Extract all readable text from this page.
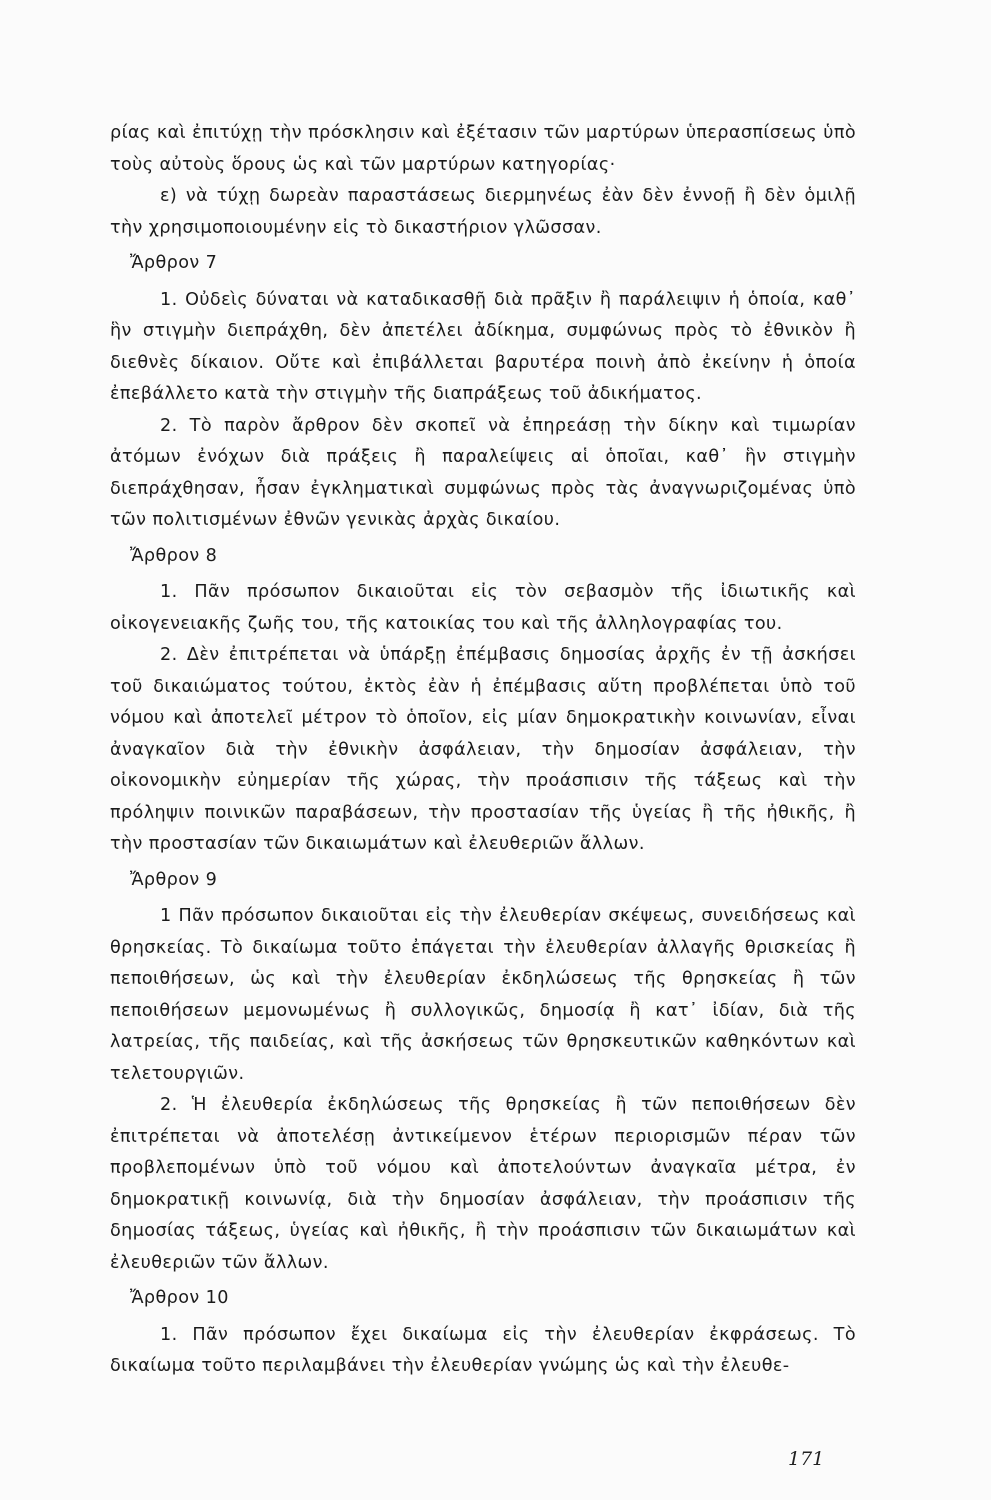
ρίας καὶ ἐπιτύχῃ τὴν πρόσκλησιν καὶ ἐξέτασιν τῶν μαρτύρων ὑπερασπίσεως ὑπὸ τοὺς αὐτοὺς ὅρους ὡς καὶ τῶν μαρτύρων κατηγορίας·

ε) νὰ τύχῃ δωρεὰν παραστάσεως διερμηνέως ἐὰν δὲν ἐννοῇ ἢ δὲν ὁμιλῇ τὴν χρησιμοποιουμένην εἰς τὸ δικαστήριον γλῶσσαν.

Ἄρθρον 7

1. Οὐδεὶς δύναται νὰ καταδικασθῇ διὰ πρᾶξιν ἢ παράλειψιν ἡ ὁποία, καθ᾽ ἣν στιγμὴν διεπράχθη, δὲν ἀπετέλει ἀδίκημα, συμφώνως πρὸς τὸ ἐθνικὸν ἢ διεθνὲς δίκαιον. Οὔτε καὶ ἐπιβάλλεται βαρυτέρα ποινὴ ἀπὸ ἐκείνην ἡ ὁποία ἐπεβάλλετο κατὰ τὴν στιγμὴν τῆς διαπράξεως τοῦ ἀδικήματος.

2. Τὸ παρὸν ἄρθρον δὲν σκοπεῖ νὰ ἐπηρεάσῃ τὴν δίκην καὶ τιμωρίαν ἀτόμων ἐνόχων διὰ πράξεις ἢ παραλείψεις αἱ ὁποῖαι, καθ᾽ ἣν στιγμὴν διεπράχθησαν, ἦσαν ἐγκληματικαὶ συμφώνως πρὸς τὰς ἀναγνωριζομένας ὑπὸ τῶν πολιτισμένων ἐθνῶν γενικὰς ἀρχὰς δικαίου.

Ἄρθρον 8

1. Πᾶν πρόσωπον δικαιοῦται εἰς τὸν σεβασμὸν τῆς ἰδιωτικῆς καὶ οἰκογενειακῆς ζωῆς του, τῆς κατοικίας του καὶ τῆς ἀλληλογραφίας του.

2. Δὲν ἐπιτρέπεται νὰ ὑπάρξῃ ἐπέμβασις δημοσίας ἀρχῆς ἐν τῇ ἀσκήσει τοῦ δικαιώματος τούτου, ἐκτὸς ἐὰν ἡ ἐπέμβασις αὕτη προβλέπεται ὑπὸ τοῦ νόμου καὶ ἀποτελεῖ μέτρον τὸ ὁποῖον, εἰς μίαν δημοκρατικὴν κοινωνίαν, εἶναι ἀναγκαῖον διὰ τὴν ἐθνικὴν ἀσφάλειαν, τὴν δημοσίαν ἀσφάλειαν, τὴν οἰκονομικὴν εὐημερίαν τῆς χώρας, τὴν προάσπισιν τῆς τάξεως καὶ τὴν πρόληψιν ποινικῶν παραβάσεων, τὴν προστασίαν τῆς ὑγείας ἢ τῆς ἠθικῆς, ἢ τὴν προστασίαν τῶν δικαιωμάτων καὶ ἐλευθεριῶν ἄλλων.

Ἄρθρον 9

1 Πᾶν πρόσωπον δικαιοῦται εἰς τὴν ἐλευθερίαν σκέψεως, συνειδήσεως καὶ θρησκείας. Τὸ δικαίωμα τοῦτο ἐπάγεται τὴν ἐλευθερίαν ἀλλαγῆς θρισκείας ἢ πεποιθήσεων, ὡς καὶ τὴν ἐλευθερίαν ἐκδηλώσεως τῆς θρησκείας ἢ τῶν πεποιθήσεων μεμονωμένως ἢ συλλογικῶς, δημοσίᾳ ἢ κατ᾽ ἰδίαν, διὰ τῆς λατρείας, τῆς παιδείας, καὶ τῆς ἀσκήσεως τῶν θρησκευτικῶν καθηκόντων καὶ τελετουργιῶν.

2. Ἡ ἐλευθερία ἐκδηλώσεως τῆς θρησκείας ἢ τῶν πεποιθήσεων δὲν ἐπιτρέπεται νὰ ἀποτελέσῃ ἀντικείμενον ἑτέρων περιορισμῶν πέραν τῶν προβλεπομένων ὑπὸ τοῦ νόμου καὶ ἀποτελούντων ἀναγκαῖα μέτρα, ἐν δημοκρατικῇ κοινωνίᾳ, διὰ τὴν δημοσίαν ἀσφάλειαν, τὴν προάσπισιν τῆς δημοσίας τάξεως, ὑγείας καὶ ἠθικῆς, ἢ τὴν προάσπισιν τῶν δικαιωμάτων καὶ ἐλευθεριῶν τῶν ἄλλων.

Ἄρθρον 10

1. Πᾶν πρόσωπον ἔχει δικαίωμα εἰς τὴν ἐλευθερίαν ἐκφράσεως. Τὸ δικαίωμα τοῦτο περιλαμβάνει τὴν ἐλευθερίαν γνώμης ὡς καὶ τὴν ἐλευθε-

171
